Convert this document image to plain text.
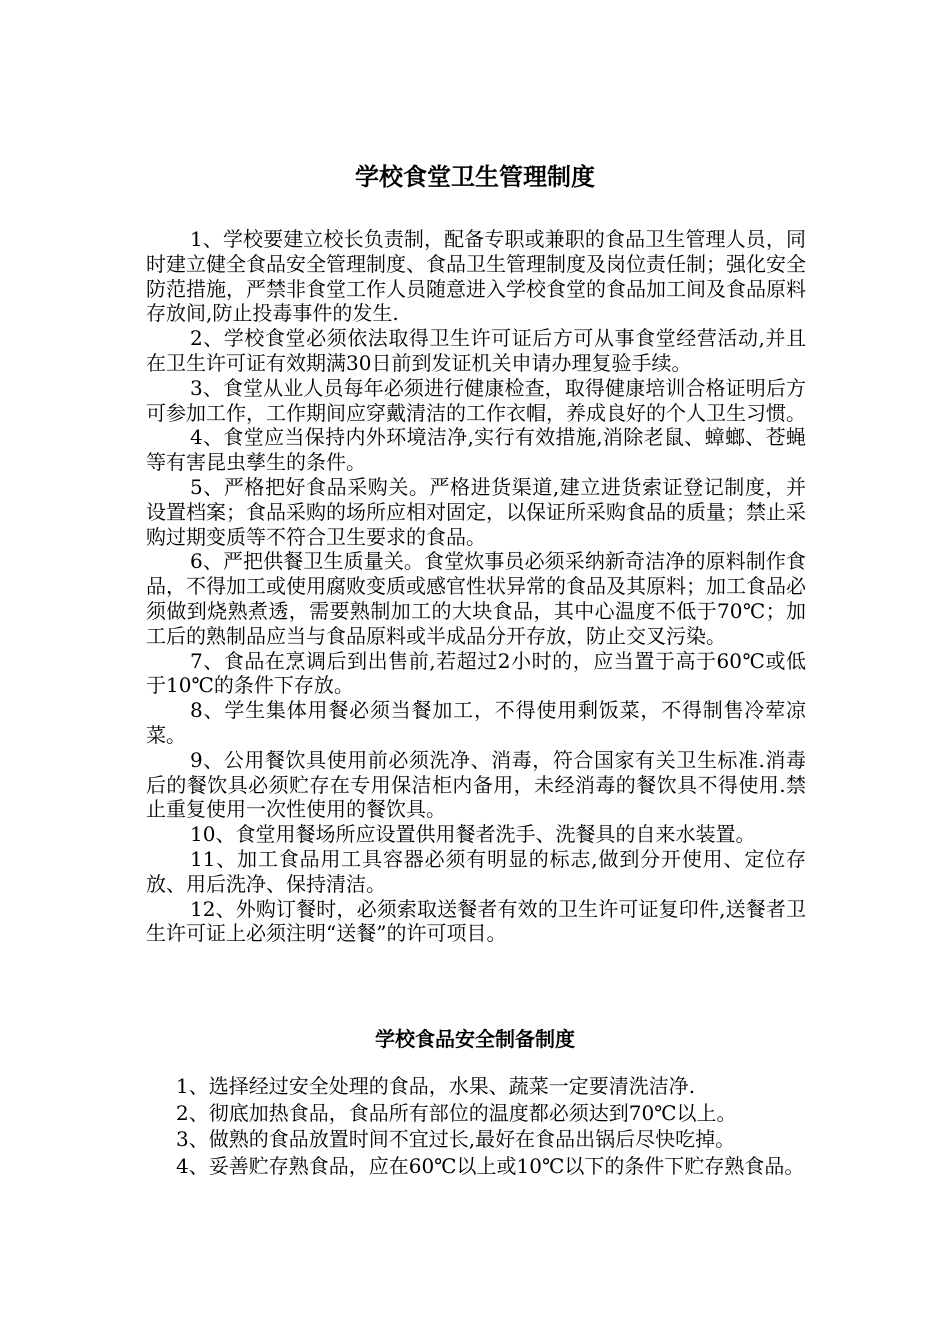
学校食堂卫生管理制度

1、学校要建立校长负责制，配备专职或兼职的食品卫生管理人员，同时建立健全食品安全管理制度、食品卫生管理制度及岗位责任制；强化安全防范措施，严禁非食堂工作人员随意进入学校食堂的食品加工间及食品原料存放间,防止投毒事件的发生.

2、学校食堂必须依法取得卫生许可证后方可从事食堂经营活动,并且在卫生许可证有效期满30日前到发证机关申请办理复验手续。

3、食堂从业人员每年必须进行健康检查，取得健康培训合格证明后方可参加工作，工作期间应穿戴清洁的工作衣帽，养成良好的个人卫生习惯。

4、食堂应当保持内外环境洁净,实行有效措施,消除老鼠、蟑螂、苍蝇等有害昆虫孳生的条件。

5、严格把好食品采购关。严格进货渠道,建立进货索证登记制度，并设置档案；食品采购的场所应相对固定，以保证所采购食品的质量；禁止采购过期变质等不符合卫生要求的食品。

6、严把供餐卫生质量关。食堂炊事员必须采纳新奇洁净的原料制作食品，不得加工或使用腐败变质或感官性状异常的食品及其原料；加工食品必须做到烧熟煮透，需要熟制加工的大块食品，其中心温度不低于70℃；加工后的熟制品应当与食品原料或半成品分开存放，防止交叉污染。

7、食品在烹调后到出售前,若超过2小时的，应当置于高于60℃或低于10℃的条件下存放。

8、学生集体用餐必须当餐加工，不得使用剩饭菜，不得制售冷荤凉菜。

9、公用餐饮具使用前必须洗净、消毒，符合国家有关卫生标准.消毒后的餐饮具必须贮存在专用保洁柜内备用，未经消毒的餐饮具不得使用.禁止重复使用一次性使用的餐饮具。

10、食堂用餐场所应设置供用餐者洗手、洗餐具的自来水装置。

11、加工食品用工具容器必须有明显的标志,做到分开使用、定位存放、用后洗净、保持清洁。

12、外购订餐时，必须索取送餐者有效的卫生许可证复印件,送餐者卫生许可证上必须注明“送餐”的许可项目。

学校食品安全制备制度
1、选择经过安全处理的食品，水果、蔬菜一定要清洗洁净.
2、彻底加热食品，食品所有部位的温度都必须达到70℃以上。
3、做熟的食品放置时间不宜过长,最好在食品出锅后尽快吃掉。
4、妥善贮存熟食品，应在60℃以上或10℃以下的条件下贮存熟食品。
